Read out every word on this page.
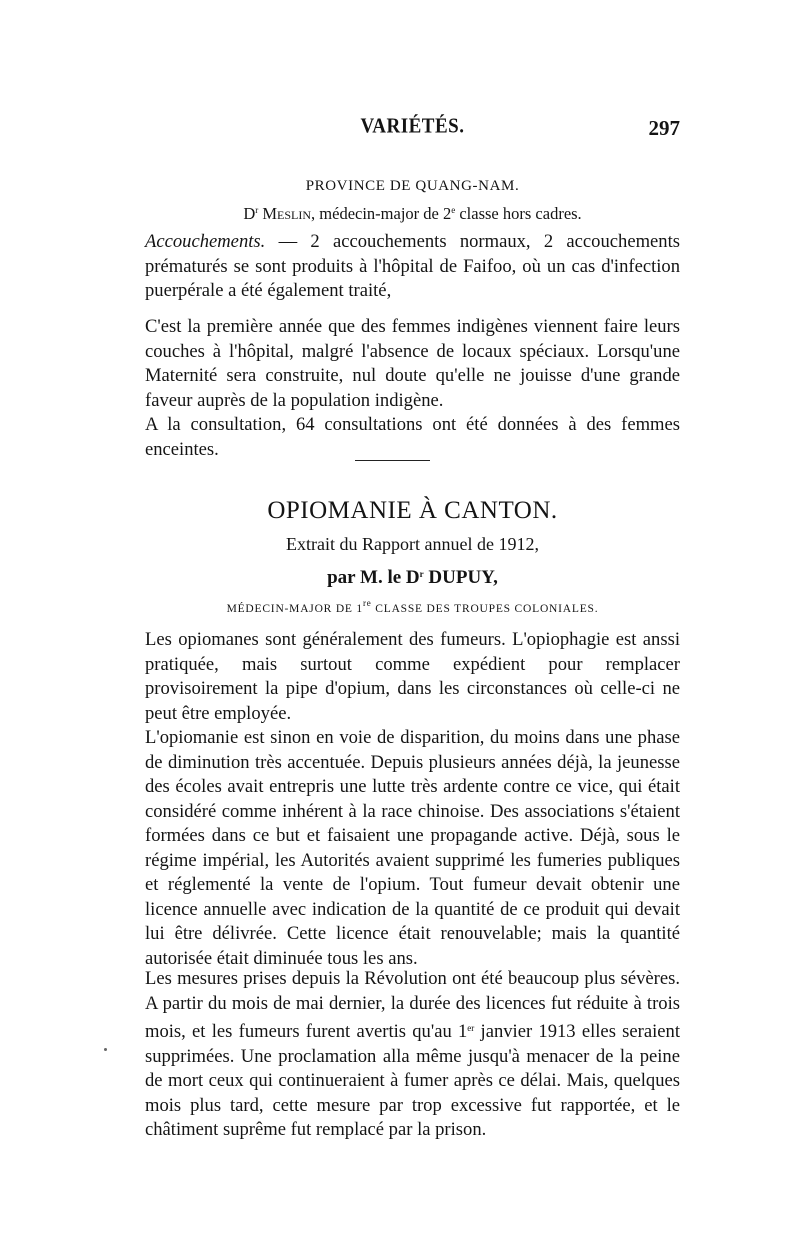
VARIÉTÉS.	297
PROVINCE DE QUANG-NAM.
$D^r$ Meslin, médecin-major de 2e classe hors cadres.

Accouchements. — 2 accouchements normaux, 2 accouchements prématurés se sont produits à l'hôpital de Faifoo, où un cas d'infection puerpérale a été également traité,

C'est la première année que des femmes indigènes viennent faire leurs couches à l'hôpital, malgré l'absence de locaux spéciaux. Lorsqu'une Maternité sera construite, nul doute qu'elle ne jouisse d'une grande faveur auprès de la population indigène.

A la consultation, 64 consultations ont été données à des femmes enceintes.

OPIOMANIE À CANTON.
Extrait du Rapport annuel de 1912,
par M. le $D^r$ DUPUY,
MÉDECIN-MAJOR DE 1re CLASSE DES TROUPES COLONIALES.

Les opiomanes sont généralement des fumeurs. L'opiophagie est anssi pratiquée, mais surtout comme expédient pour remplacer provisoirement la pipe d'opium, dans les circonstances où celle-ci ne peut être employée.

L'opiomanie est sinon en voie de disparition, du moins dans une phase de diminution très accentuée. Depuis plusieurs années déjà, la jeunesse des écoles avait entrepris une lutte très ardente contre ce vice, qui était considéré comme inhérent à la race chinoise. Des associations s'étaient formées dans ce but et faisaient une propagande active. Déjà, sous le régime impérial, les Autorités avaient supprimé les fumeries publiques et réglementé la vente de l'opium. Tout fumeur devait obtenir une licence annuelle avec indication de la quantité de ce produit qui devait lui être délivrée. Cette licence était renouvelable; mais la quantité autorisée était diminuée tous les ans.

Les mesures prises depuis la Révolution ont été beaucoup plus sévères. A partir du mois de mai dernier, la durée des licences fut réduite à trois mois, et les fumeurs furent avertis qu'au 1er janvier 1913 elles seraient supprimées. Une proclamation alla même jusqu'à menacer de la peine de mort ceux qui continueraient à fumer après ce délai. Mais, quelques mois plus tard, cette mesure par trop excessive fut rapportée, et le châtiment suprême fut remplacé par la prison.
